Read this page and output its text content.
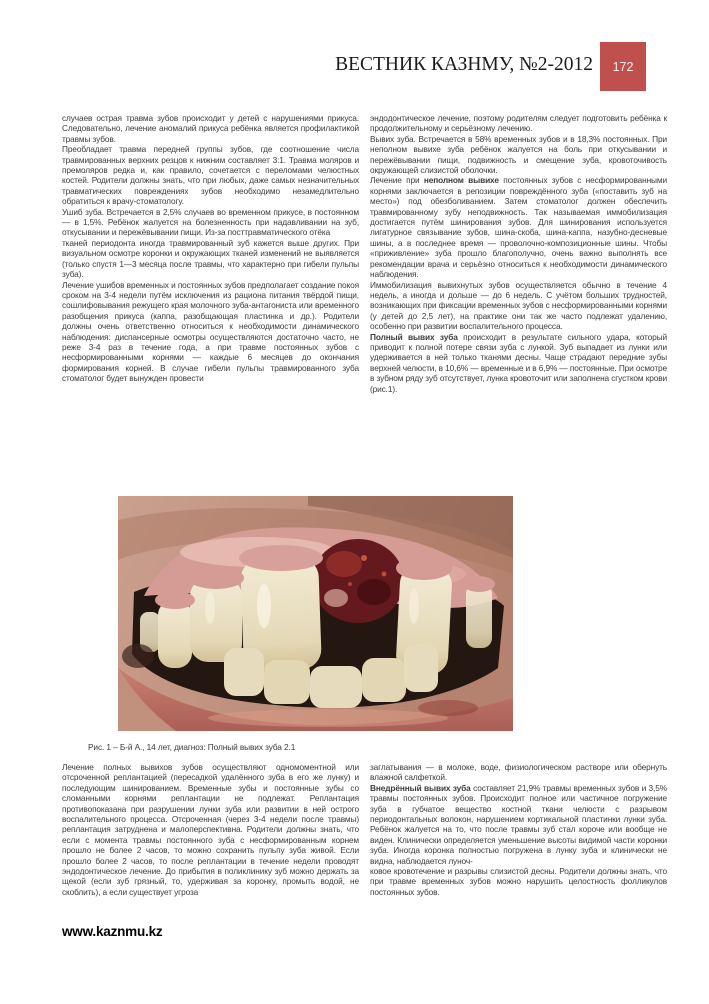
ВЕСТНИК КАЗНМУ, №2-2012 172

случаев острая травма зубов происходит у детей с нарушениями прикуса. Следовательно, лечение аномалий прикуса ребёнка является профилактикой травмы зубов.

Преобладает травма передней группы зубов, где соотношение числа травмированных верхних резцов к нижним составляет 3:1. Травма моляров и премоляров редка и, как правило, сочетается с переломами челюстных костей. Родители должны знать, что при любых, даже самых незначительных травматических повреждениях зубов необходимо незамедлительно обратиться к врачу-стоматологу.

Ушиб зуба. Встречается в 2,5% случаев во временном прикусе, в постоянном — в 1,5%. Ребёнок жалуется на болезненность при надавливании на зуб, откусывании и пережёвывании пищи. Из-за посттравматического отёка

тканей периодонта иногда травмированный зуб кажется выше других. При визуальном осмотре коронки и окружающих тканей изменений не выявляется (только спустя 1—3 месяца после травмы, что характерно при гибели пульпы зуба).

Лечение ушибов временных и постоянных зубов предполагает создание покоя сроком на 3-4 недели путём исключения из рациона питания твёрдой пищи, сошлифовывания режущего края молочного зуба-антагониста или временного разобщения прикуса (каппа, разобщающая пластинка и др.). Родители должны очень ответственно относиться к необходимости динамического наблюдения: диспансерные осмотры осуществляются достаточно часто, не реже 3-4 раз в течение года, а при травме постоянных зубов с несформированными корнями — каждые 6 месяцев до окончания формирования корней. В случае гибели пульпы травмированного зуба стоматолог будет вынужден провести

эндодонтическое лечение, поэтому родителям следует подготовить ребёнка к продолжительному и серьёзному лечению.

Вывих зуба. Встречается в 58% временных зубов и в 18,3% постоянных. При неполном вывихе зуба ребёнок жалуется на боль при откусывании и пережёвывании пищи, подвижность и смещение зуба, кровоточивость окружающей слизистой оболочки.

Лечение при неполном вывихе постоянных зубов с несформированными корнями заключается в репозиции повреждённого зуба («поставить зуб на место») под обезболиванием. Затем стоматолог должен обеспечить травмированному зубу неподвижность. Так называемая иммобилизация достигается путём шинирования зубов. Для шинирования используется лигатурное связывание зубов, шина-скоба, шина-каппа, назубно-десневые шины, а в последнее время — проволочно-композиционные шины. Чтобы «приживление» зуба прошло благополучно, очень важно выполнять все рекомендации врача и серьёзно относиться к необходимости динамического наблюдения.

Иммобилизация вывихнутых зубов осуществляется обычно в течение 4 недель, а иногда и дольше — до 6 недель. С учётом больших трудностей, возникающих при фиксации временных зубов с несформированными корнями (у детей до 2,5 лет), на практике они так же часто подлежат удалению, особенно при развитии воспалительного процесса.

Полный вывих зуба происходит в результате сильного удара, который приводит к полной потере связи зуба с лункой. Зуб выпадает из лунки или удерживается в ней только тканями десны. Чаще страдают передние зубы верхней челюсти, в 10,6% — временные и в 6,9% — постоянные. При осмотре в зубном ряду зуб отсутствует, лунка кровоточит или заполнена сгустком крови (рис.1).

Рис. 1 – Б-й А., 14 лет, диагноз: Полный вывих зуба 2.1

Лечение полных вывихов зубов осуществляют одномоментной или отсроченной реплантацией (пересадкой удалённого зуба в его же лунку) и последующим шинированием. Временные зубы и постоянные зубы со сломанными корнями реплантации не подлежат. Реплантация противопоказана при разрушении лунки зуба или развитии в ней острого воспалительного процесса. Отсроченная (через 3-4 недели после травмы) реплантация затруднена и малоперспективна. Родители должны знать, что если с момента травмы постоянного зуба с несформированным корнем прошло не более 2 часов, то можно сохранить пульпу зуба живой. Если прошло более 2 часов, то после реплантации в течение недели проводят эндодонтическое лечение. До прибытия в поликлинику зуб можно держать за щекой (если зуб грязный, то, удерживая за коронку, промыть водой, не скоблить), а если существует угроза

заглатывания — в молоке, воде, физиологическом растворе или обернуть влажной салфеткой.

Внедрённый вывих зуба составляет 21,9% травмы временных зубов и 3,5% травмы постоянных зубов. Происходит полное или частичное погружение зуба в губчатое вещество костной ткани челюсти с разрывом периодонтальных волокон, нарушением кортикальной пластинки лунки зуба. Ребёнок жалуется на то, что после травмы зуб стал короче или вообще не виден. Клинически определяется уменьшение высоты видимой части коронки зуба. Иногда коронка полностью погружена в лунку зуба и клинически не видна, наблюдается луноч-

ковое кровотечение и разрывы слизистой десны. Родители должны знать, что при травме временных зубов можно нарушить целостность фолликулов постоянных зубов.

www.kaznmu.kz
